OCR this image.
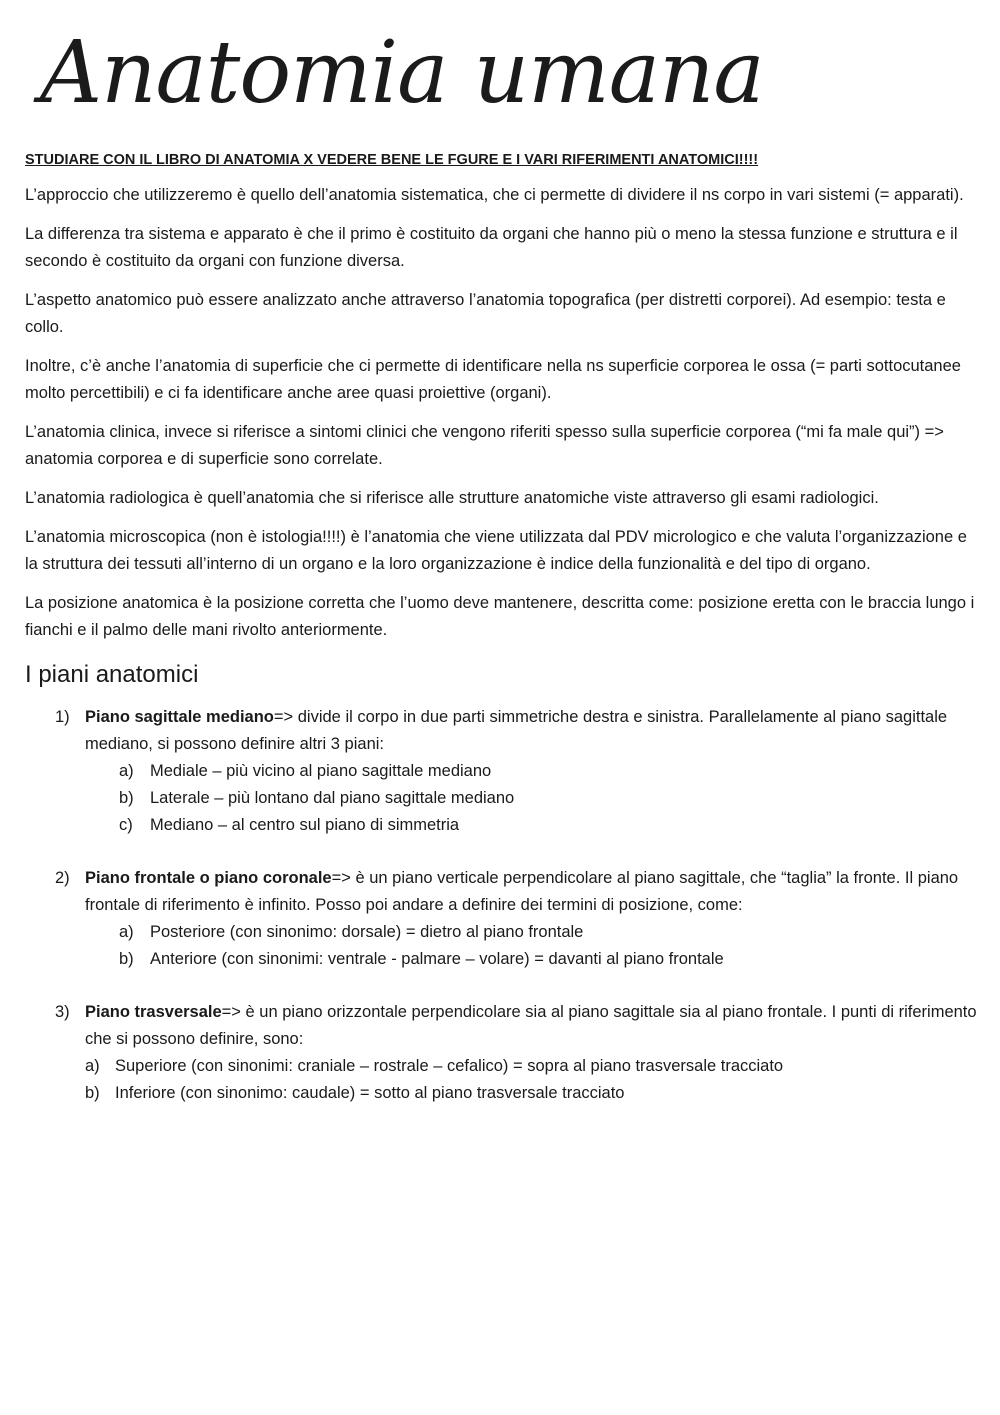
Anatomia umana

STUDIARE CON IL LIBRO DI ANATOMIA X VEDERE BENE LE FGURE E I VARI RIFERIMENTI ANATOMICI!!!!

L’approccio che utilizzeremo è quello dell’anatomia sistematica, che ci permette di dividere il ns corpo in vari sistemi (= apparati).

La differenza tra sistema e apparato è che il primo è costituito da organi che hanno più o meno la stessa funzione e struttura e il secondo è costituito da organi con funzione diversa.

L’aspetto anatomico può essere analizzato anche attraverso l’anatomia topografica (per distretti corporei). Ad esempio: testa e collo.

Inoltre, c’è anche l’anatomia di superficie che ci permette di identificare nella ns superficie corporea le ossa (= parti sottocutanee molto percettibili) e ci fa identificare anche aree quasi proiettive (organi).

L’anatomia clinica, invece si riferisce a sintomi clinici che vengono riferiti spesso sulla superficie corporea (“mi fa male qui”) => anatomia corporea e di superficie sono correlate.

L’anatomia radiologica è quell’anatomia che si riferisce alle strutture anatomiche viste attraverso gli esami radiologici.

L’anatomia microscopica (non è istologia!!!!) è l’anatomia che viene utilizzata dal PDV micrologico e che valuta l’organizzazione e la struttura dei tessuti all’interno di un organo e la loro organizzazione è indice della funzionalità e del tipo di organo.

La posizione anatomica è la posizione corretta che l’uomo deve mantenere, descritta come: posizione eretta con le braccia lungo i fianchi e il palmo delle mani rivolto anteriormente.

I piani anatomici
1) Piano sagittale mediano=> divide il corpo in due parti simmetriche destra e sinistra. Parallelamente al piano sagittale mediano, si possono definire altri 3 piani:
a) Mediale – più vicino al piano sagittale mediano
b) Laterale – più lontano dal piano sagittale mediano
c) Mediano – al centro sul piano di simmetria
2) Piano frontale o piano coronale=> è un piano verticale perpendicolare al piano sagittale, che “taglia” la fronte. Il piano frontale di riferimento è infinito. Posso poi andare a definire dei termini di posizione, come:
a) Posteriore (con sinonimo: dorsale) = dietro al piano frontale
b) Anteriore (con sinonimi: ventrale - palmare – volare) = davanti al piano frontale
3) Piano trasversale=> è un piano orizzontale perpendicolare sia al piano sagittale sia al piano frontale. I punti di riferimento che si possono definire, sono:
a) Superiore (con sinonimi: craniale – rostrale – cefalico) = sopra al piano trasversale tracciato
b) Inferiore (con sinonimo: caudale) = sotto al piano trasversale tracciato
